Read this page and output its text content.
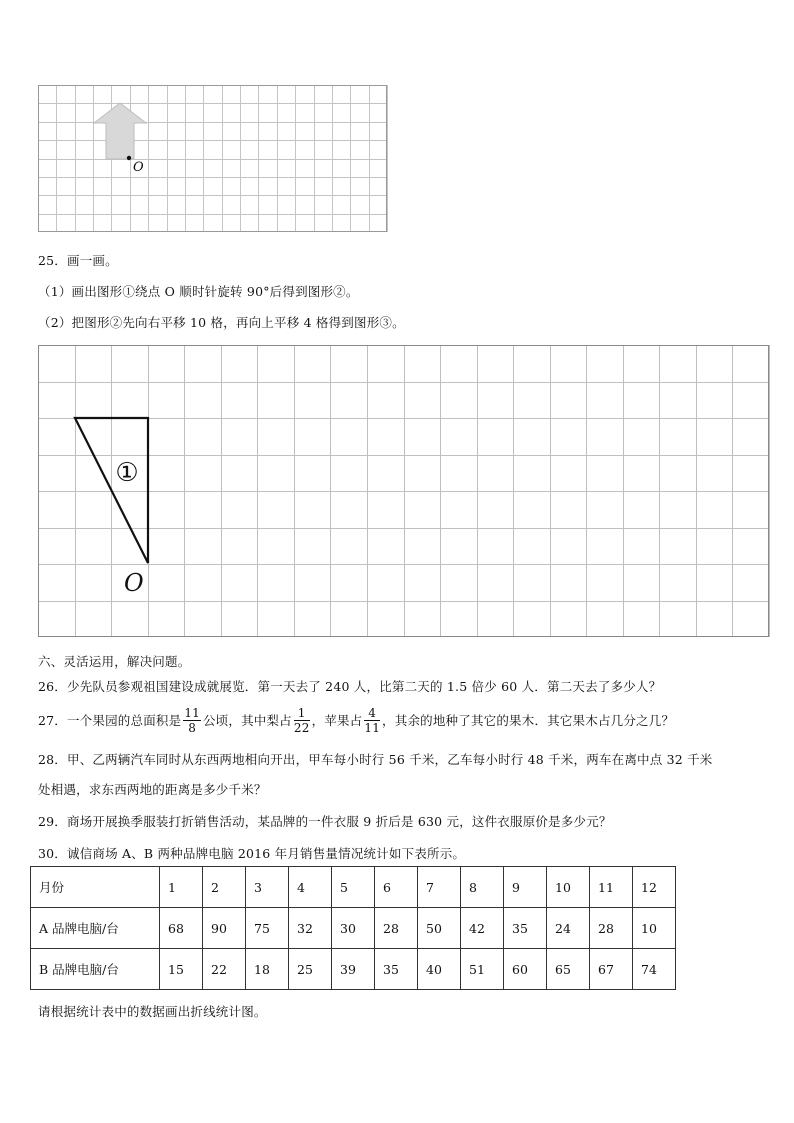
O
25．画一画。
（1）画出图形①绕点 O 顺时针旋转 90°后得到图形②。
（2）把图形②先向右平移 10 格，再向上平移 4 格得到图形③。
①
O
六、灵活运用，解决问题。
26．少先队员参观祖国建设成就展览．第一天去了 240 人，比第二天的 1.5 倍少 60 人．第二天去了多少人？
27．一个果园的总面积是 $\frac{11}{8}$ 公顷，其中梨占 $\frac{1}{22}$ ，苹果占 $\frac{4}{11}$ ，其余的地种了其它的果木．其它果木占几分之几？
28．甲、乙两辆汽车同时从东西两地相向开出，甲车每小时行 56 千米，乙车每小时行 48 千米，两车在离中点 32 千米
处相遇，求东西两地的距离是多少千米？
29．商场开展换季服装打折销售活动，某品牌的一件衣服 9 折后是 630 元，这件衣服原价是多少元？
30．诚信商场 A、B 两种品牌电脑 2016 年月销售量情况统计如下表所示。
月份	1	2	3	4	5	6	7	8	9	10	11	12
A 品牌电脑/台	68	90	75	32	30	28	50	42	35	24	28	10
B 品牌电脑/台	15	22	18	25	39	35	40	51	60	65	67	74
请根据统计表中的数据画出折线统计图。
